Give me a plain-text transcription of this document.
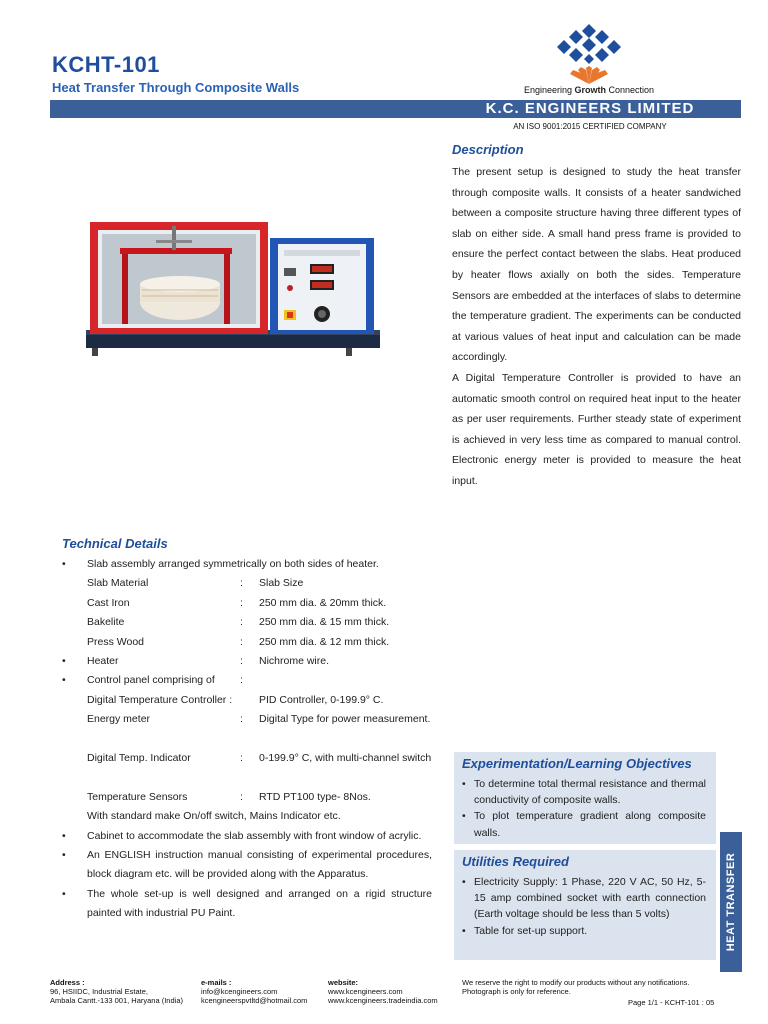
KCHT-101
Heat Transfer Through Composite Walls	Engineering Growth Connection
K.C. ENGINEERS LIMITED
AN ISO 9001:2015 CERTIFIED COMPANY
Description

The present setup is designed to study the heat transfer through composite walls. It consists of a heater sandwiched between a composite structure having three different types of slab on either side. A small hand press frame is provided to ensure the perfect contact between the slabs. Heat produced by heater flows axially on both the sides. Temperature Sensors are embedded at the interfaces of slabs to determine the temperature gradient. The experiments can be conducted at various values of heat input and calculation can be made accordingly.

A Digital Temperature Controller is provided to have an automatic smooth control on required heat input to the heater as per user requirements. Further steady state of experiment is achieved in very less time as compared to manual control. Electronic energy meter is provided to measure the heat input.

Technical Details
•	Slab assembly arranged symmetrically on both sides of heater.
Slab Material	: Slab Size
Cast Iron	: 250 mm dia. & 20mm thick.
Bakelite	: 250 mm dia. & 15 mm thick.
Press Wood	: 250 mm dia. & 12 mm thick.
• Heater	: Nichrome wire.
• Control panel comprising of :
Digital Temperature Controller :	PID Controller, 0-199.9° C.
Energy meter	: Digital Type for power measurement.
Digital Temp. Indicator	: 0-199.9° C, with multi-channel switch
Temperature Sensors	: RTD PT100 type- 8Nos.
With standard make On/off switch, Mains Indicator etc.
•	Cabinet to accommodate the slab assembly with front window of acrylic.
•	An ENGLISH instruction manual consisting of experimental procedures, block diagram etc. will be provided along with the Apparatus.
•	The whole set-up is well designed and arranged on a rigid structure painted with industrial PU Paint.
Experimentation/Learning Objectives
• To determine total thermal resistance and thermal conductivity of composite walls.
• To plot temperature gradient along composite walls.
Utilities Required
• Electricity Supply: 1 Phase, 220 V AC, 50 Hz, 5-15 amp combined socket with earth connection (Earth voltage should be less than 5 volts)
• Table for set-up support.	HEAT TRANSFER
Address :
96, HSIIDC, Industrial Estate,
Ambala Cantt.-133 001, Haryana (India)
e-mails :
info@kcengineers.com
kcengineerspvtltd@hotmail.com
website:
www.kcengineers.com
www.kcengineers.tradeindia.com
We reserve the right to modify our products without any notifications.
Photograph is only for reference.
Page 1/1 - KCHT-101 : 05
